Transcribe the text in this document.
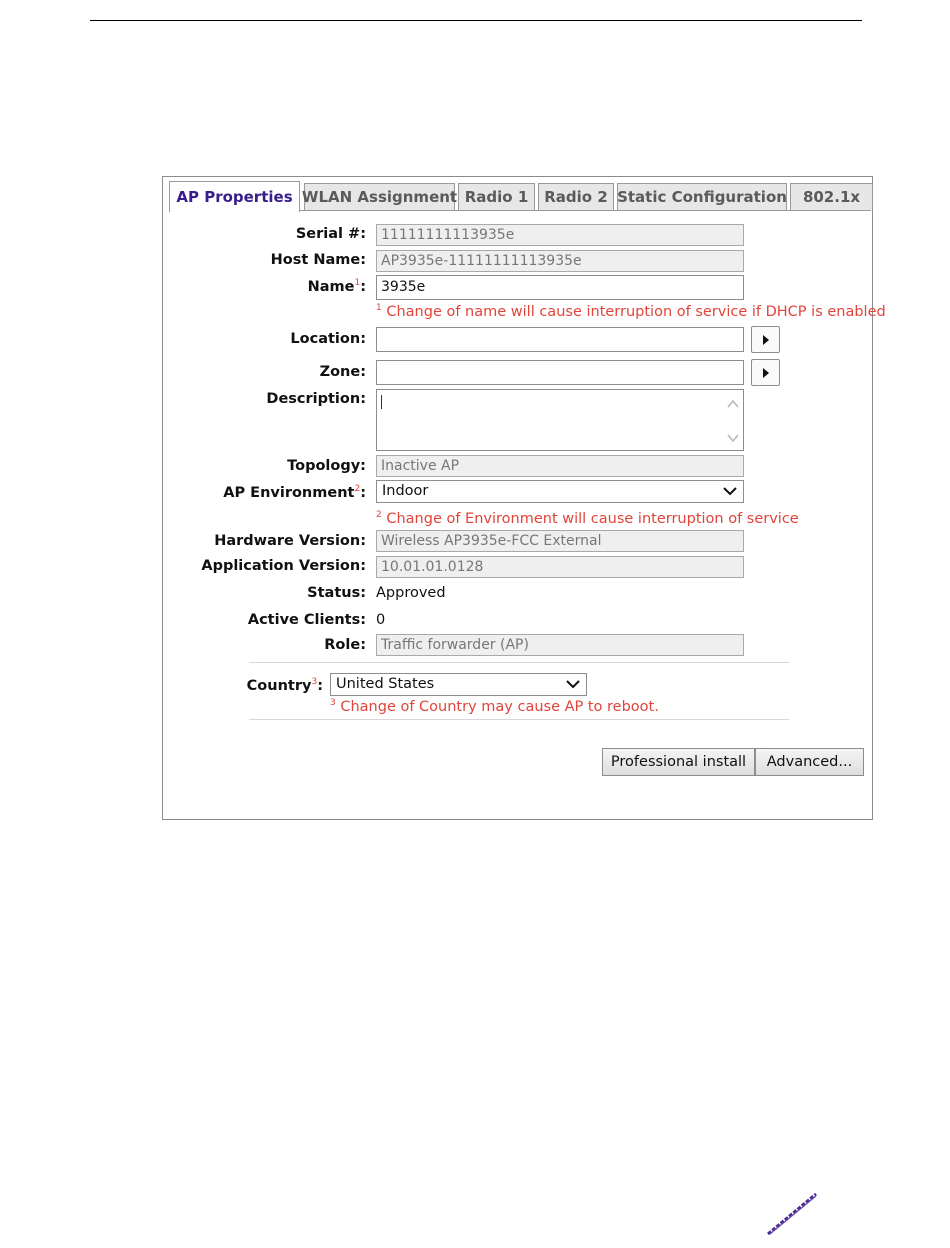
AP Properties WLAN Assignment Radio 1	Radio 2 Static Configuration	802.1x
Serial #:	11111111113935e
Host Name:	AP3935e-11111111113935e
Name$^1$:	3935e
$^1$ Change of name will cause interruption of service if DHCP is enabled
Location:
Zone:
Description:
Topology:	Inactive AP
AP Environment$^2$:	Indoor
$^2$ Change of Environment will cause interruption of service
Hardware Version:	Wireless AP3935e-FCC External
Application Version:	10.01.01.0128
Status: Approved
Active Clients: 0
Role:	Traffic forwarder (AP)
Country$^3$: United States
$^3$ Change of Country may cause AP to reboot.
Professional install	Advanced...
